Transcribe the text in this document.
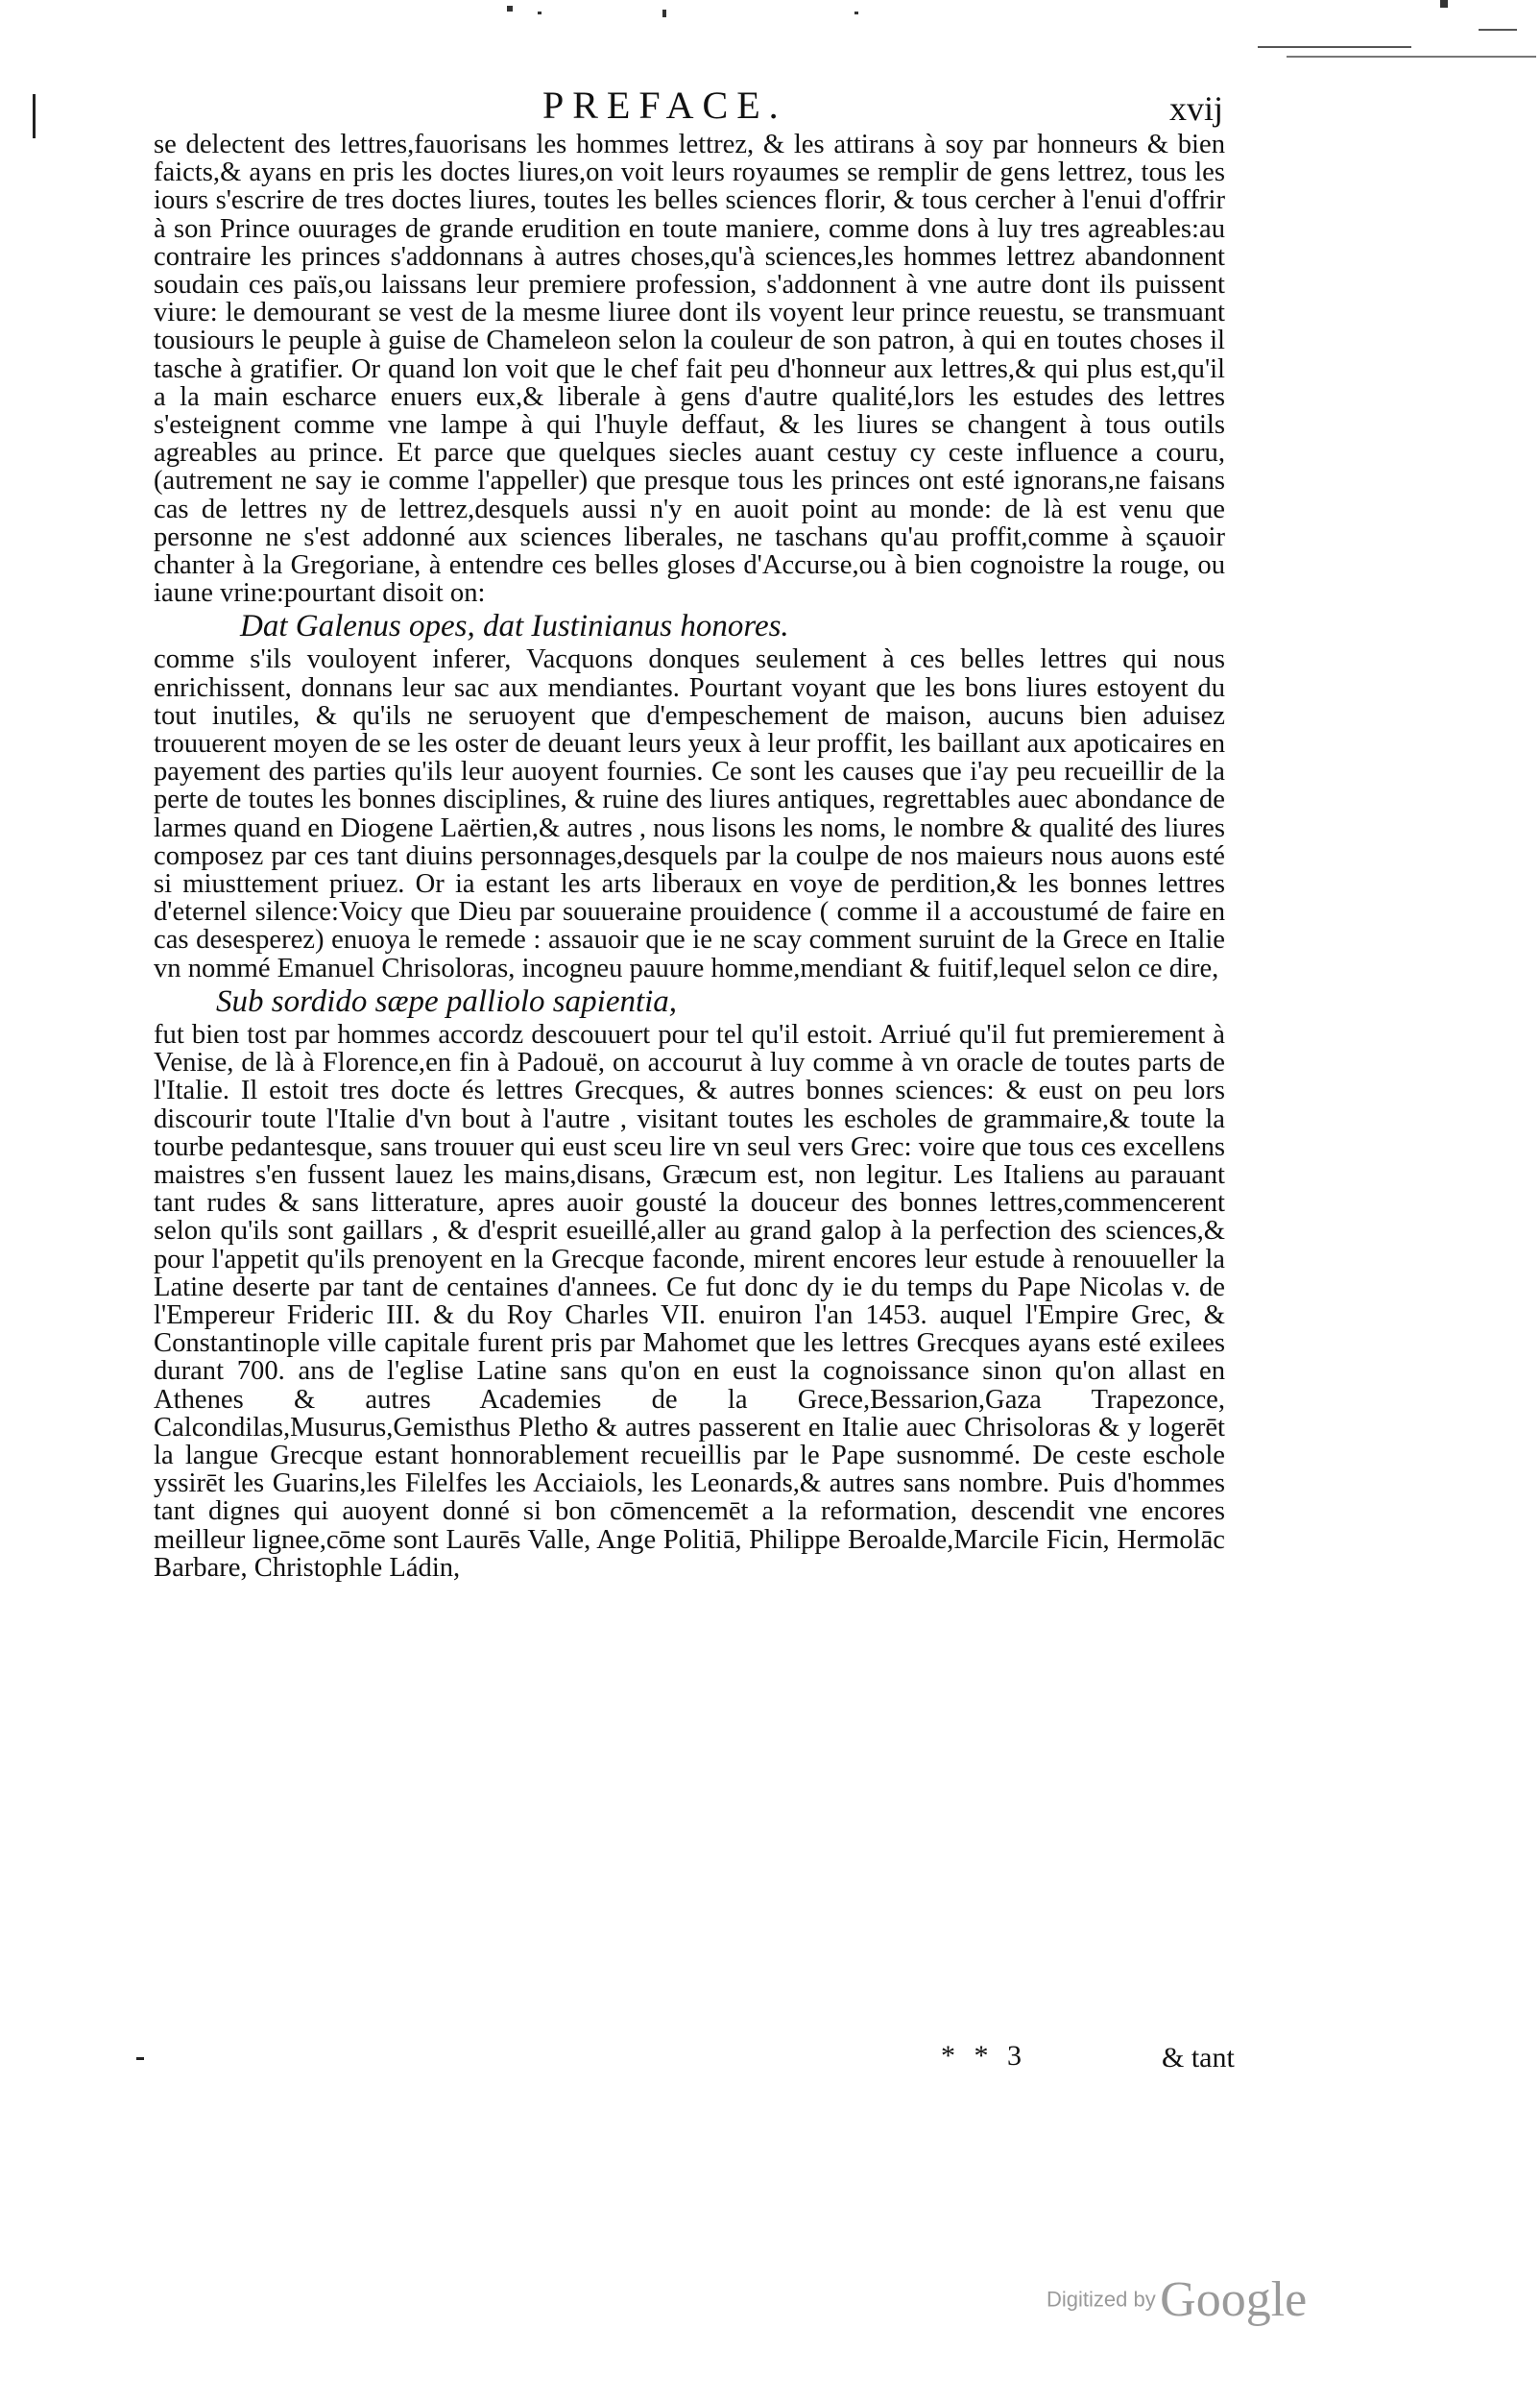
PREFACE.	xvij

se delectent des lettres,fauorisans les hommes lettrez, & les attirans à soy par honneurs & bien faicts,& ayans en pris les doctes liures,on voit leurs royaumes se remplir de gens lettrez, tous les iours s'escrire de tres doctes liures, toutes les belles sciences florir, & tous cercher à l'enui d'offrir à son Prince ouurages de grande erudition en toute maniere, comme dons à luy tres agreables:au contraire les princes s'addonnans à autres choses,qu'à sciences,les hommes lettrez abandonnent soudain ces païs,ou laissans leur premiere profession, s'addonnent à vne autre dont ils puissent viure: le demourant se vest de la mesme liuree dont ils voyent leur prince reuestu, se transmuant tousiours le peuple à guise de Chameleon selon la couleur de son patron, à qui en toutes choses il tasche à gratifier. Or quand lon voit que le chef fait peu d'honneur aux lettres,& qui plus est,qu'il a la main escharce enuers eux,& liberale à gens d'autre qualité,lors les estudes des lettres s'esteignent comme vne lampe à qui l'huyle deffaut, & les liures se changent à tous outils agreables au prince. Et parce que quelques siecles auant cestuy cy ceste influence a couru, (autrement ne say ie comme l'appeller) que presque tous les princes ont esté ignorans,ne faisans cas de lettres ny de lettrez,desquels aussi n'y en auoit point au monde: de là est venu que personne ne s'est addonné aux sciences liberales, ne taschans qu'au proffit,comme à sçauoir chanter à la Gregoriane, à entendre ces belles gloses d'Accurse,ou à bien cognoistre la rouge, ou iaune vrine:pourtant disoit on:

Dat Galenus opes, dat Iustinianus honores.

comme s'ils vouloyent inferer, Vacquons donques seulement à ces belles lettres qui nous enrichissent, donnans leur sac aux mendiantes. Pourtant voyant que les bons liures estoyent du tout inutiles, & qu'ils ne seruoyent que d'empeschement de maison, aucuns bien aduisez trouuerent moyen de se les oster de deuant leurs yeux à leur proffit, les baillant aux apoticaires en payement des parties qu'ils leur auoyent fournies. Ce sont les causes que i'ay peu recueillir de la perte de toutes les bonnes disciplines, & ruine des liures antiques, regrettables auec abondance de larmes quand en Diogene Laërtien,& autres , nous lisons les noms, le nombre & qualité des liures composez par ces tant diuins personnages,desquels par la coulpe de nos maieurs nous auons esté si miusttement priuez. Or ia estant les arts liberaux en voye de perdition,& les bonnes lettres d'eternel silence:Voicy que Dieu par souueraine prouidence ( comme il a accoustumé de faire en cas desesperez) enuoya le remede : assauoir que ie ne scay comment suruint de la Grece en Italie vn nommé Emanuel Chrisoloras, incogneu pauure homme,mendiant & fuitif,lequel selon ce dire,

Sub sordido sæpe palliolo sapientia,

fut bien tost par hommes accordz descouuert pour tel qu'il estoit. Arriué qu'il fut premierement à Venise, de là à Florence,en fin à Padouë, on accourut à luy comme à vn oracle de toutes parts de l'Italie. Il estoit tres docte és lettres Grecques, & autres bonnes sciences: & eust on peu lors discourir toute l'Italie d'vn bout à l'autre , visitant toutes les escholes de grammaire,& toute la tourbe pedantesque, sans trouuer qui eust sceu lire vn seul vers Grec: voire que tous ces excellens maistres s'en fussent lauez les mains,disans, Græcum est, non legitur. Les Italiens au parauant tant rudes & sans litterature, apres auoir gousté la douceur des bonnes lettres,commencerent selon qu'ils sont gaillars , & d'esprit esueillé,aller au grand galop à la perfection des sciences,& pour l'appetit qu'ils prenoyent en la Grecque faconde, mirent encores leur estude à renouueller la Latine deserte par tant de centaines d'annees. Ce fut donc dy ie du temps du Pape Nicolas v. de l'Empereur Frideric III. & du Roy Charles VII. enuiron l'an 1453. auquel l'Empire Grec, & Constantinople ville capitale furent pris par Mahomet que les lettres Grecques ayans esté exilees durant 700. ans de l'eglise Latine sans qu'on en eust la cognoissance sinon qu'on allast en Athenes & autres Academies de la Grece,Bessarion,Gaza Trapezonce, Calcondilas,Musurus,Gemisthus Pletho & autres passerent en Italie auec Chrisoloras & y logerēt la langue Grecque estant honnorablement recueillis par le Pape susnommé. De ceste eschole yssirēt les Guarins,les Filelfes les Acciaiols, les Leonards,& autres sans nombre. Puis d'hommes tant dignes qui auoyent donné si bon cōmencemēt a la reformation, descendit vne encores meilleur lignee,cōme sont Laurēs Valle, Ange Politiā, Philippe Beroalde,Marcile Ficin, Hermolāc Barbare, Christophle Ládin,

* * 3	& tant
Digitized by Google
